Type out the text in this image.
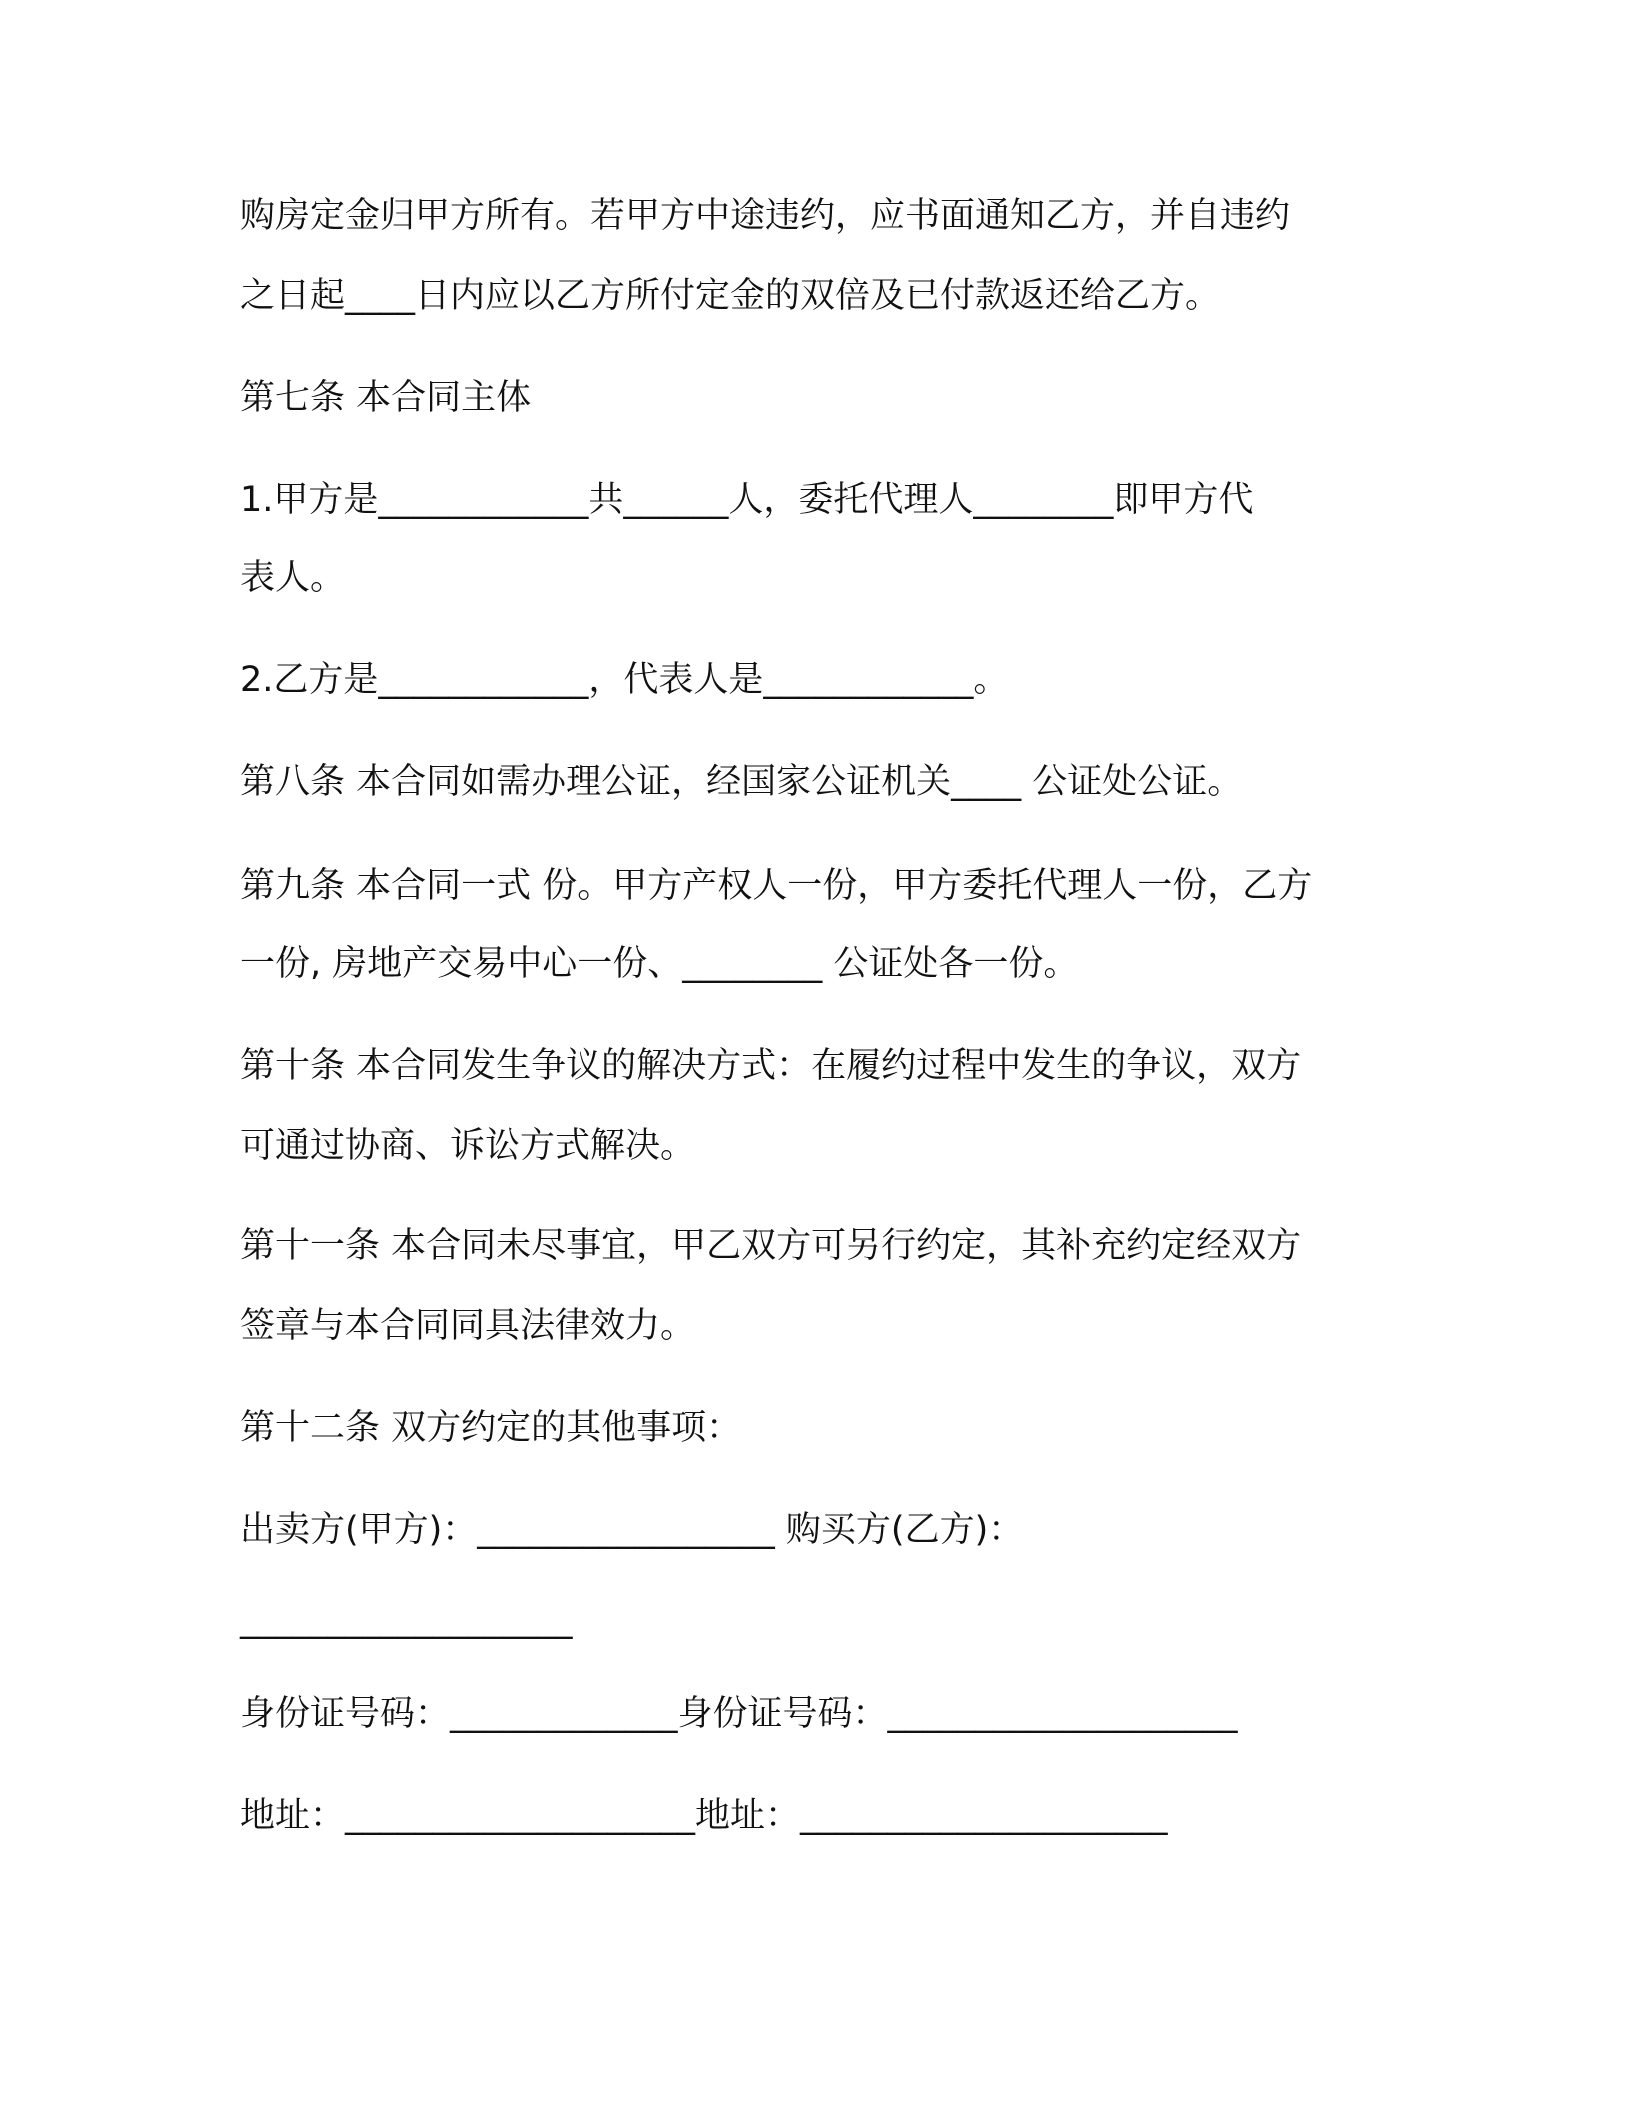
购房定金归甲方所有。若甲方中途违约，应书面通知乙方，并自违约
之日起____日内应以乙方所付定金的双倍及已付款返还给乙方。
第七条 本合同主体
1.甲方是____________共______人，委托代理人________即甲方代
表人。
2.乙方是____________，代表人是____________。
第八条 本合同如需办理公证，经国家公证机关____ 公证处公证。
第九条 本合同一式 份。甲方产权人一份，甲方委托代理人一份，乙方
一份, 房地产交易中心一份、________ 公证处各一份。
第十条 本合同发生争议的解决方式：在履约过程中发生的争议，双方
可通过协商、诉讼方式解决。
第十一条 本合同未尽事宜，甲乙双方可另行约定，其补充约定经双方
签章与本合同同具法律效力。
第十二条 双方约定的其他事项：
出卖方(甲方)：_________________ 购买方(乙方)：
___________________
身份证号码：_____________身份证号码：____________________
地址：____________________地址：_____________________
